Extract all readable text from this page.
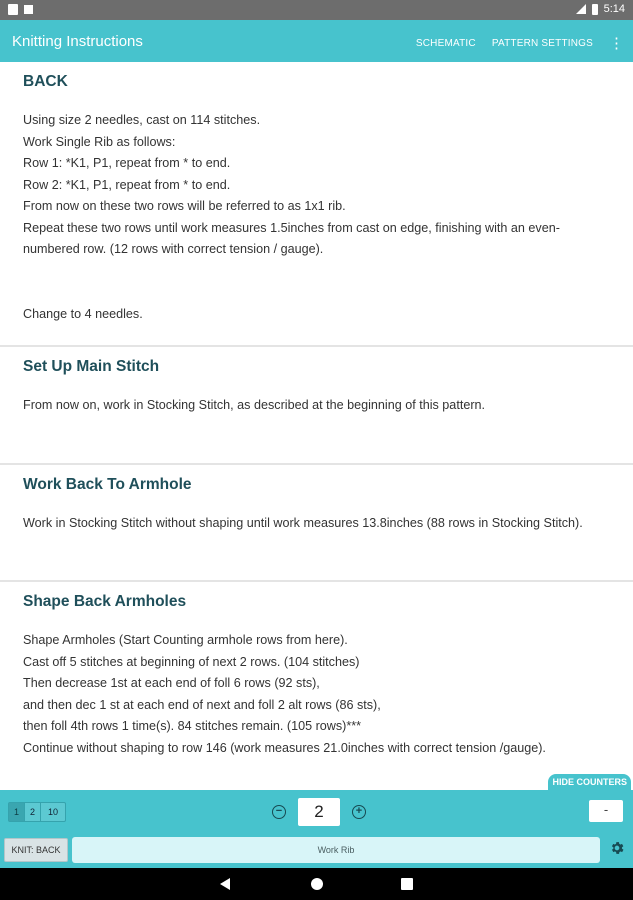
5:14
Knitting Instructions	SCHEMATIC PATTERN SETTINGS ⋮
BACK

Using size 2 needles, cast on 114 stitches.

Work Single Rib as follows:

Row 1: *K1, P1, repeat from * to end.

Row 2: *K1, P1, repeat from * to end.

From now on these two rows will be referred to as 1x1 rib.

Repeat these two rows until work measures 1.5inches from cast on edge, finishing with an even-numbered row. (12 rows with correct tension / gauge).

Change to 4 needles.

Set Up Main Stitch

From now on, work in Stocking Stitch, as described at the beginning of this pattern.

Work Back To Armhole

Work in Stocking Stitch without shaping until work measures 13.8inches (88 rows in Stocking Stitch).

Shape Back Armholes

Shape Armholes (Start Counting armhole rows from here).

Cast off 5 stitches at beginning of next 2 rows. (104 stitches)

Then decrease 1st at each end of foll 6 rows (92 sts),

and then dec 1 st at each end of next and foll 2 alt rows (86 sts),

then foll 4th rows 1 time(s). 84 stitches remain. (105 rows)***

Continue without shaping to row 146 (work measures 21.0inches with correct tension /gauge).

HIDE COUNTERS
1	2	10	−	2	+	-
KNIT: BACK	Work Rib
